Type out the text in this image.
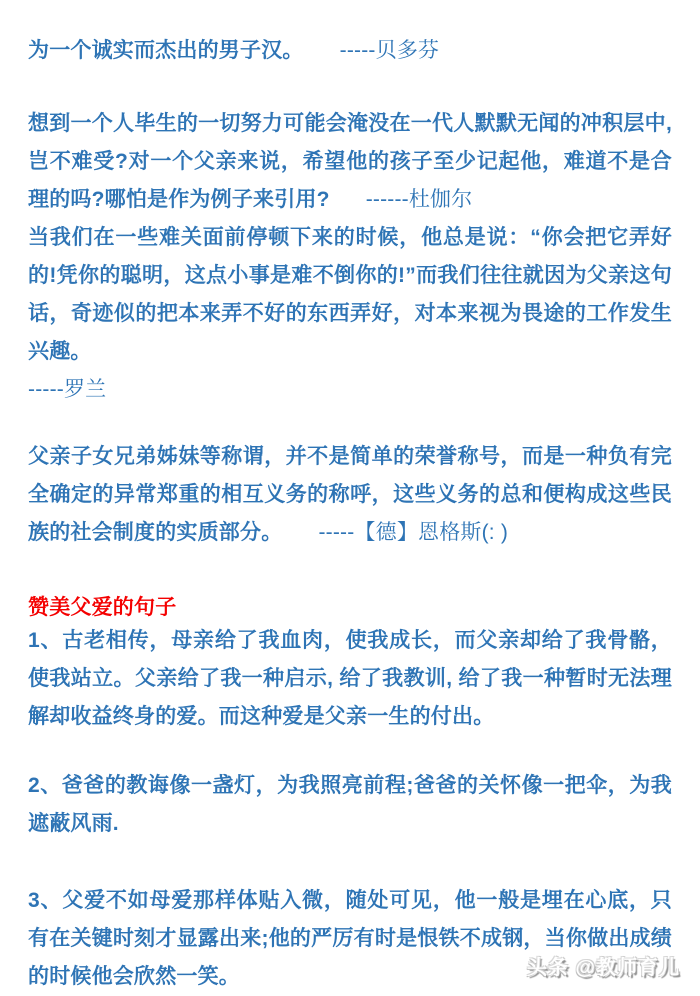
为一个诚实而杰出的男子汉。 -----贝多芬

想到一个人毕生的一切努力可能会淹没在一代人默默无闻的冲积层中, 岂不难受?对一个父亲来说，希望他的孩子至少记起他，难道不是合理的吗?哪怕是作为例子来引用? ------杜伽尔

当我们在一些难关面前停顿下来的时候，他总是说：“你会把它弄好的!凭你的聪明，这点小事是难不倒你的!”而我们往往就因为父亲这句话，奇迹似的把本来弄不好的东西弄好，对本来视为畏途的工作发生兴趣。

-----罗兰

父亲子女兄弟姊妹等称谓，并不是简单的荣誉称号，而是一种负有完全确定的异常郑重的相互义务的称呼，这些义务的总和便构成这些民族的社会制度的实质部分。 -----【德】恩格斯(: )

赞美父爱的句子

1、古老相传，母亲给了我血肉，使我成长，而父亲却给了我骨骼，使我站立。父亲给了我一种启示, 给了我教训, 给了我一种暂时无法理解却收益终身的爱。而这种爱是父亲一生的付出。

2、爸爸的教诲像一盏灯，为我照亮前程;爸爸的关怀像一把伞，为我遮蔽风雨.

3、父爱不如母爱那样体贴入微，随处可见，他一般是埋在心底，只有在关键时刻才显露出来;他的严厉有时是恨铁不成钢，当你做出成绩的时候他会欣然一笑。	头条 @教师育儿
